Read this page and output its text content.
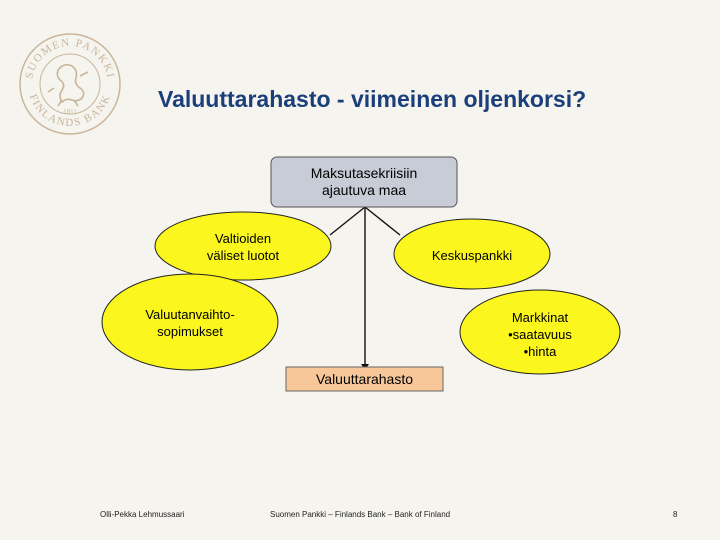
SUOMEN PANKKI
FINLANDS BANK
1811	Valuuttarahasto - viimeinen oljenkorsi?
Maksutasekriisiin
ajautuva maa
Valuuttarahasto
Valtioiden
väliset luotot	Keskuspankki
Valuutanvaihto-
sopimukset
Markkinat
•saatavuus
•hinta
Olli-Pekka Lehmussaari	Suomen Pankki – Finlands Bank – Bank of Finland	8
